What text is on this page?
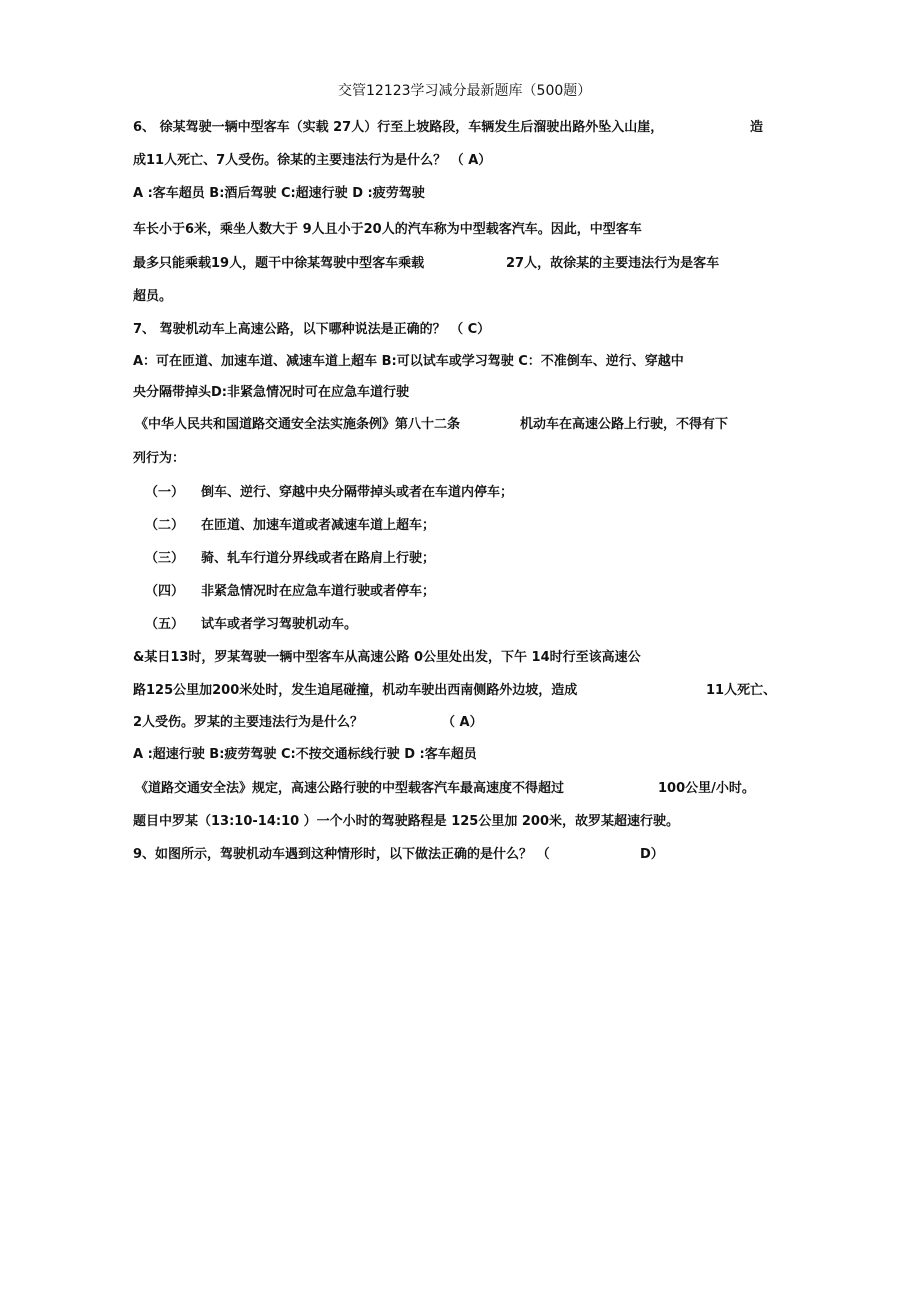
交管12123学习减分最新题库（500题）
6、 徐某驾驶一辆中型客车（实载 27人）行至上坡路段，车辆发生后溜驶出路外坠入山崖，	造
成11人死亡、7人受伤。徐某的主要违法行为是什么？ （ A）
A :客车超员 B:酒后驾驶 C:超速行驶 D :疲劳驾驶
车长小于6米，乘坐人数大于 9人且小于20人的汽车称为中型载客汽车。因此，中型客车
最多只能乘载19人，题干中徐某驾驶中型客车乘载	27人，故徐某的主要违法行为是客车
超员。
7、 驾驶机动车上高速公路，以下哪种说法是正确的？ （ C）
A：可在匝道、加速车道、减速车道上超车 B:可以试车或学习驾驶 C：不准倒车、逆行、穿越中
央分隔带掉头D:非紧急情况时可在应急车道行驶
《中华人民共和国道路交通安全法实施条例》第八十二条	机动车在高速公路上行驶，不得有下
列行为：
（一） 倒车、逆行、穿越中央分隔带掉头或者在车道内停车；
（二） 在匝道、加速车道或者减速车道上超车；
（三） 骑、轧车行道分界线或者在路肩上行驶；
（四） 非紧急情况时在应急车道行驶或者停车；
（五） 试车或者学习驾驶机动车。
&某日13时，罗某驾驶一辆中型客车从高速公路 0公里处出发，下午 14时行至该高速公
路125公里加200米处时，发生追尾碰撞，机动车驶出西南侧路外边坡，造成	11人死亡、
2人受伤。罗某的主要违法行为是什么？	（ A）
A :超速行驶 B:疲劳驾驶 C:不按交通标线行驶 D :客车超员
《道路交通安全法》规定，高速公路行驶的中型载客汽车最高速度不得超过	100公里/小时。
题目中罗某（13:10-14:10 ）一个小时的驾驶路程是 125公里加 200米，故罗某超速行驶。
9、如图所示，驾驶机动车遇到这种情形时，以下做法正确的是什么？ （	D）
